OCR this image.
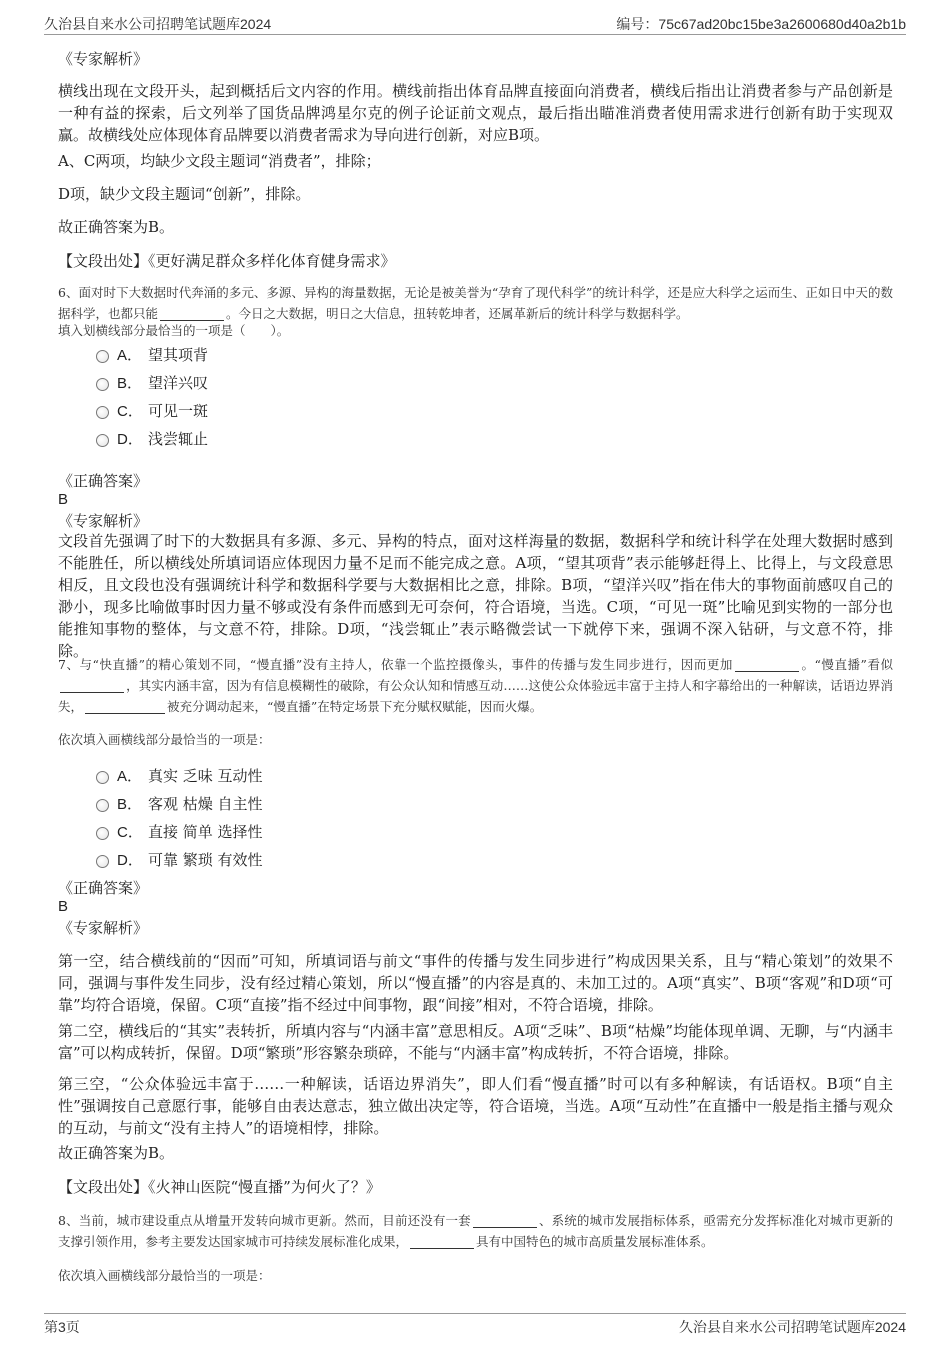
久治县自来水公司招聘笔试题库2024	编号：75c67ad20bc15be3a2600680d40a2b1b
《专家解析》
横线出现在文段开头，起到概括后文内容的作用。横线前指出体育品牌直接面向消费者，横线后指出让消费者参与产品创新是一种有益的探索，后文列举了国货品牌鸿星尔克的例子论证前文观点，最后指出瞄准消费者使用需求进行创新有助于实现双赢。故横线处应体现体育品牌要以消费者需求为导向进行创新，对应B项。
A、C两项，均缺少文段主题词“消费者”，排除；
D项，缺少文段主题词“创新”，排除。
故正确答案为B。
【文段出处】《更好满足群众多样化体育健身需求》
6、面对时下大数据时代奔涌的多元、多源、异构的海量数据，无论是被美誉为“孕育了现代科学”的统计科学，还是应大科学之运而生、正如日中天的数据科学，也都只能	。今日之大数据，明日之大信息，扭转乾坤者，还属革新后的统计科学与数据科学。
填入划横线部分最恰当的一项是（　　）。
A． 望其项背
B． 望洋兴叹
C． 可见一斑
D． 浅尝辄止
《正确答案》
B
《专家解析》
文段首先强调了时下的大数据具有多源、多元、异构的特点，面对这样海量的数据，数据科学和统计科学在处理大数据时感到不能胜任，所以横线处所填词语应体现因力量不足而不能完成之意。A项，“望其项背”表示能够赶得上、比得上，与文段意思相反，且文段也没有强调统计科学和数据科学要与大数据相比之意，排除。B项，“望洋兴叹”指在伟大的事物面前感叹自己的渺小，现多比喻做事时因力量不够或没有条件而感到无可奈何，符合语境，当选。C项，“可见一斑”比喻见到实物的一部分也能推知事物的整体，与文意不符，排除。D项，“浅尝辄止”表示略微尝试一下就停下来，强调不深入钻研，与文意不符，排除。
7、与“快直播”的精心策划不同，“慢直播”没有主持人，依靠一个监控摄像头，事件的传播与发生同步进行，因而更加	。“慢直播”看似，其实内涵丰富，因为有信息模糊性的破除，有公众认知和情感互动……这使公众体验远丰富于主持人和字幕给出的一种解读，话语边界消失，	被充分调动起来，“慢直播”在特定场景下充分赋权赋能，因而火爆。
依次填入画横线部分最恰当的一项是：
A． 真实 乏味 互动性
B． 客观 枯燥 自主性
C． 直接 简单 选择性
D． 可靠 繁琐 有效性
《正确答案》
B
《专家解析》
第一空，结合横线前的“因而”可知，所填词语与前文“事件的传播与发生同步进行”构成因果关系，且与“精心策划”的效果不同，强调与事件发生同步，没有经过精心策划，所以“慢直播”的内容是真的、未加工过的。A项“真实”、B项“客观”和D项“可靠”均符合语境，保留。C项“直接”指不经过中间事物，跟“间接”相对，不符合语境，排除。
第二空，横线后的“其实”表转折，所填内容与“内涵丰富”意思相反。A项“乏味”、B项“枯燥”均能体现单调、无聊，与“内涵丰富”可以构成转折，保留。D项“繁琐”形容繁杂琐碎，不能与“内涵丰富”构成转折，不符合语境，排除。
第三空，“公众体验远丰富于……一种解读，话语边界消失”，即人们看“慢直播”时可以有多种解读，有话语权。B项“自主性”强调按自己意愿行事，能够自由表达意志，独立做出决定等，符合语境，当选。A项“互动性”在直播中一般是指主播与观众的互动，与前文“没有主持人”的语境相悖，排除。
故正确答案为B。
【文段出处】《火神山医院“慢直播”为何火了？》
8、当前，城市建设重点从增量开发转向城市更新。然而，目前还没有一套	、系统的城市发展指标体系，亟需充分发挥标准化对城市更新的支撑引领作用，参考主要发达国家城市可持续发展标准化成果，	具有中国特色的城市高质量发展标准体系。
依次填入画横线部分最恰当的一项是：
第3页	久治县自来水公司招聘笔试题库2024
